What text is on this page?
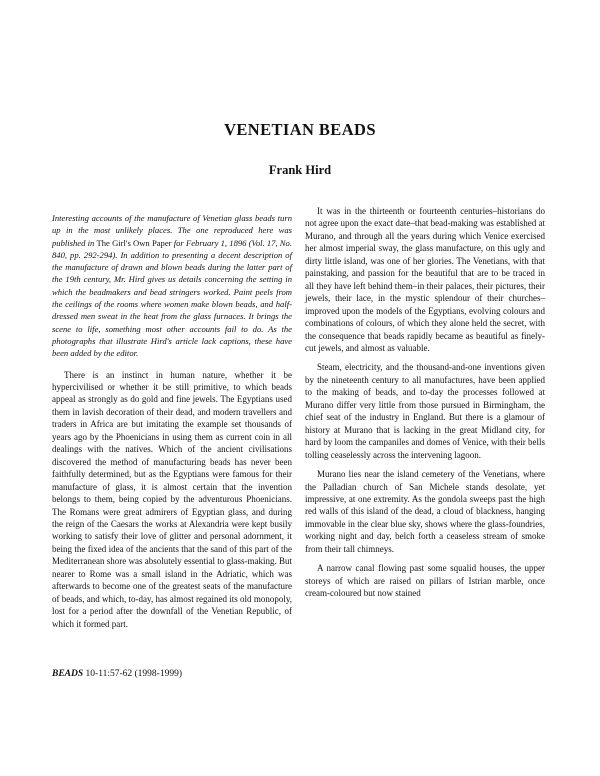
VENETIAN BEADS
Frank Hird

Interesting accounts of the manufacture of Venetian glass beads turn up in the most unlikely places. The one reproduced here was published in The Girl's Own Paper for February 1, 1896 (Vol. 17, No. 840, pp. 292-294). In addition to presenting a decent description of the manufacture of drawn and blown beads during the latter part of the 19th century, Mr. Hird gives us details concerning the setting in which the beadmakers and bead stringers worked. Paint peels from the ceilings of the rooms where women make blown beads, and half-dressed men sweat in the heat from the glass furnaces. It brings the scene to life, something most other accounts fail to do. As the photographs that illustrate Hird's article lack captions, these have been added by the editor.

There is an instinct in human nature, whether it be hypercivilised or whether it be still primitive, to which beads appeal as strongly as do gold and fine jewels. The Egyptians used them in lavish decoration of their dead, and modern travellers and traders in Africa are but imitating the example set thousands of years ago by the Phoenicians in using them as current coin in all dealings with the natives. Which of the ancient civilisations discovered the method of manufacturing beads has never been faithfully determined, but as the Egyptians were famous for their manufacture of glass, it is almost certain that the invention belongs to them, being copied by the adventurous Phoenicians. The Romans were great admirers of Egyptian glass, and during the reign of the Caesars the works at Alexandria were kept busily working to satisfy their love of glitter and personal adornment, it being the fixed idea of the ancients that the sand of this part of the Mediterranean shore was absolutely essential to glass-making. But nearer to Rome was a small island in the Adriatic, which was afterwards to become one of the greatest seats of the manufacture of beads, and which, to-day, has almost regained its old monopoly, lost for a period after the downfall of the Venetian Republic, of which it formed part.

It was in the thirteenth or fourteenth centuries–historians do not agree upon the exact date–that bead-making was established at Murano, and through all the years during which Venice exercised her almost imperial sway, the glass manufacture, on this ugly and dirty little island, was one of her glories. The Venetians, with that painstaking, and passion for the beautiful that are to be traced in all they have left behind them–in their palaces, their pictures, their jewels, their lace, in the mystic splendour of their churches–improved upon the models of the Egyptians, evolving colours and combinations of colours, of which they alone held the secret, with the consequence that beads rapidly became as beautiful as finely-cut jewels, and almost as valuable.

Steam, electricity, and the thousand-and-one inventions given by the nineteenth century to all manufactures, have been applied to the making of beads, and to-day the processes followed at Murano differ very little from those pursued in Birmingham, the chief seat of the industry in England. But there is a glamour of history at Murano that is lacking in the great Midland city, for hard by loom the campaniles and domes of Venice, with their bells tolling ceaselessly across the intervening lagoon.

Murano lies near the island cemetery of the Venetians, where the Palladian church of San Michele stands desolate, yet impressive, at one extremity. As the gondola sweeps past the high red walls of this island of the dead, a cloud of blackness, hanging immovable in the clear blue sky, shows where the glass-foundries, working night and day, belch forth a ceaseless stream of smoke from their tall chimneys.

A narrow canal flowing past some squalid houses, the upper storeys of which are raised on pillars of Istrian marble, once cream-coloured but now stained

BEADS 10-11:57-62 (1998-1999)
